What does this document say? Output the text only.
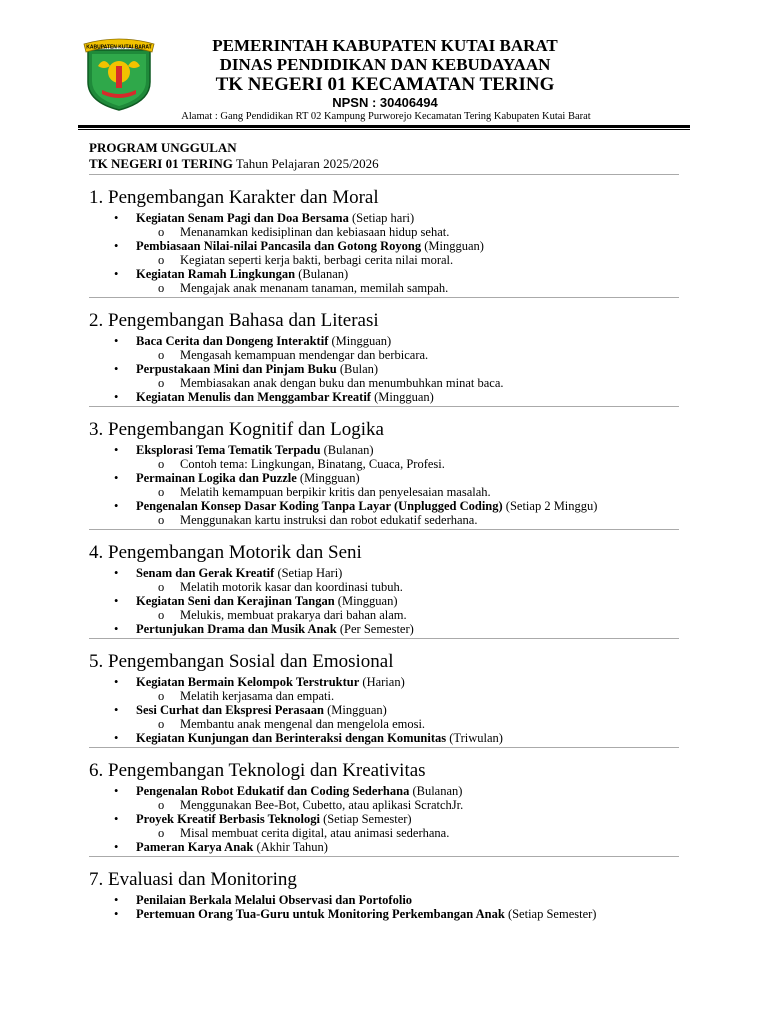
KABUPATEN KUTAI BARAT	PEMERINTAH KABUPATEN KUTAI BARAT
DINAS PENDIDIKAN DAN KEBUDAYAAN
TK NEGERI 01 KECAMATAN TERING
NPSN : 30406494
Alamat : Gang Pendidikan RT 02 Kampung Purworejo Kecamatan Tering Kabupaten Kutai Barat

PROGRAM UNGGULAN

TK NEGERI 01 TERING Tahun Pelajaran 2025/2026

1. Pengembangan Karakter dan Moral
• Kegiatan Senam Pagi dan Doa Bersama (Setiap hari)
o Menanamkan kedisiplinan dan kebiasaan hidup sehat.
• Pembiasaan Nilai-nilai Pancasila dan Gotong Royong (Mingguan)
o Kegiatan seperti kerja bakti, berbagi cerita nilai moral.
• Kegiatan Ramah Lingkungan (Bulanan)
o Mengajak anak menanam tanaman, memilah sampah.
2. Pengembangan Bahasa dan Literasi
• Baca Cerita dan Dongeng Interaktif (Mingguan)
o Mengasah kemampuan mendengar dan berbicara.
• Perpustakaan Mini dan Pinjam Buku (Bulan)
o Membiasakan anak dengan buku dan menumbuhkan minat baca.
• Kegiatan Menulis dan Menggambar Kreatif (Mingguan)
3. Pengembangan Kognitif dan Logika
• Eksplorasi Tema Tematik Terpadu (Bulanan)
o Contoh tema: Lingkungan, Binatang, Cuaca, Profesi.
• Permainan Logika dan Puzzle (Mingguan)
o Melatih kemampuan berpikir kritis dan penyelesaian masalah.
• Pengenalan Konsep Dasar Koding Tanpa Layar (Unplugged Coding) (Setiap 2 Minggu)
o Menggunakan kartu instruksi dan robot edukatif sederhana.
4. Pengembangan Motorik dan Seni
• Senam dan Gerak Kreatif (Setiap Hari)
o Melatih motorik kasar dan koordinasi tubuh.
• Kegiatan Seni dan Kerajinan Tangan (Mingguan)
o Melukis, membuat prakarya dari bahan alam.
• Pertunjukan Drama dan Musik Anak (Per Semester)
5. Pengembangan Sosial dan Emosional
• Kegiatan Bermain Kelompok Terstruktur (Harian)
o Melatih kerjasama dan empati.
• Sesi Curhat dan Ekspresi Perasaan (Mingguan)
o Membantu anak mengenal dan mengelola emosi.
• Kegiatan Kunjungan dan Berinteraksi dengan Komunitas (Triwulan)
6. Pengembangan Teknologi dan Kreativitas
• Pengenalan Robot Edukatif dan Coding Sederhana (Bulanan)
o Menggunakan Bee-Bot, Cubetto, atau aplikasi ScratchJr.
• Proyek Kreatif Berbasis Teknologi (Setiap Semester)
o Misal membuat cerita digital, atau animasi sederhana.
• Pameran Karya Anak (Akhir Tahun)
7. Evaluasi dan Monitoring
• Penilaian Berkala Melalui Observasi dan Portofolio
• Pertemuan Orang Tua-Guru untuk Monitoring Perkembangan Anak (Setiap Semester)
